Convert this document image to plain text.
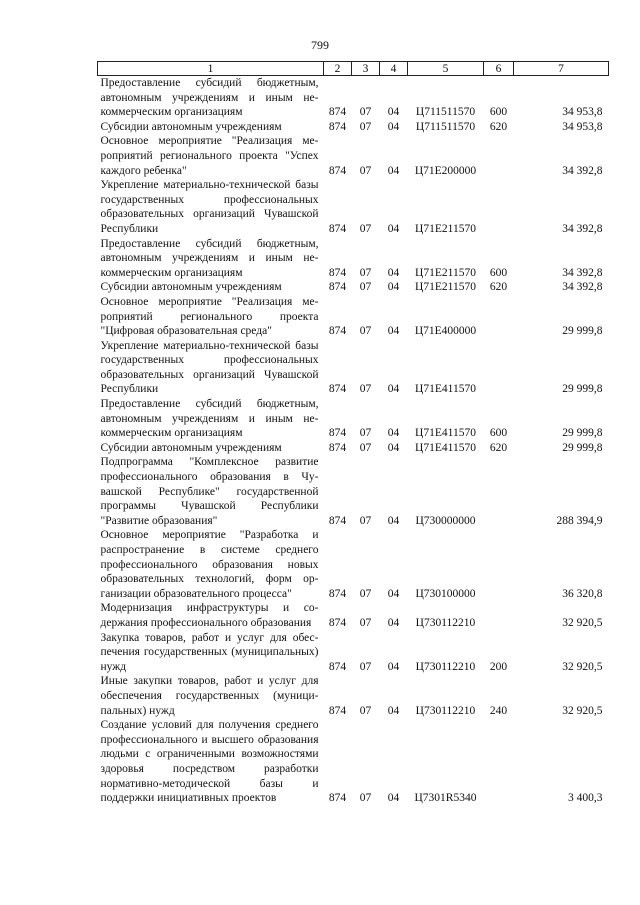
799
1	2	3	4	5	6	7
Предоставление субсидий бюджетным, автономным учреждениям и иным некоммерческим организациям	874	07	04	Ц711511570	600	34 953,8
Субсидии автономным учреждениям	874	07	04	Ц711511570	620	34 953,8
Основное мероприятие "Реализация мероприятий регионального проекта "Успех каждого ребенка"	874	07	04	Ц71E200000		34 392,8
Укрепление материально-технической базы государственных профессиональных образовательных организаций Чувашской Республики	874	07	04	Ц71E211570		34 392,8
Предоставление субсидий бюджетным, автономным учреждениям и иным некоммерческим организациям	874	07	04	Ц71E211570	600	34 392,8
Субсидии автономным учреждениям	874	07	04	Ц71E211570	620	34 392,8
Основное мероприятие "Реализация мероприятий регионального проекта "Цифровая образовательная среда"	874	07	04	Ц71E400000		29 999,8
Укрепление материально-технической базы государственных профессиональных образовательных организаций Чувашской Республики	874	07	04	Ц71E411570		29 999,8
Предоставление субсидий бюджетным, автономным учреждениям и иным некоммерческим организациям	874	07	04	Ц71E411570	600	29 999,8
Субсидии автономным учреждениям	874	07	04	Ц71E411570	620	29 999,8
Подпрограмма "Комплексное развитие профессионального образования в Чувашской Республике" государственной программы Чувашской Республики "Развитие образования"	874	07	04	Ц730000000		288 394,9
Основное мероприятие "Разработка и распространение в системе среднего профессионального образования новых образовательных технологий, форм организации образовательного процесса"	874	07	04	Ц730100000		36 320,8
Модернизация инфраструктуры и содержания профессионального образования	874	07	04	Ц730112210		32 920,5
Закупка товаров, работ и услуг для обеспечения государственных (муниципальных) нужд	874	07	04	Ц730112210	200	32 920,5
Иные закупки товаров, работ и услуг для обеспечения государственных (муниципальных) нужд	874	07	04	Ц730112210	240	32 920,5
Создание условий для получения среднего профессионального и высшего образования людьми с ограниченными возможностями здоровья посредством разработки нормативно-методической базы и поддержки инициативных проектов	874	07	04	Ц7301R5340		3 400,3
